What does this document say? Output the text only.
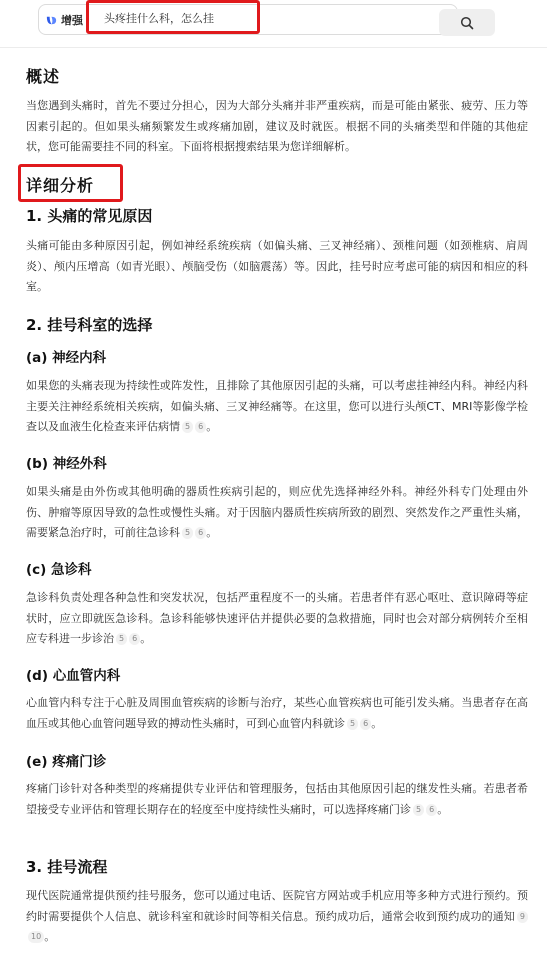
增强 头疼挂什么科，怎么挂
概述

当您遇到头痛时，首先不要过分担心，因为大部分头痛并非严重疾病，而是可能由紧张、疲劳、压力等因素引起的。但如果头痛频繁发生或疼痛加剧，建议及时就医。根据不同的头痛类型和伴随的其他症状，您可能需要挂不同的科室。下面将根据搜索结果为您详细解析。

详细分析
1. 头痛的常见原因

头痛可能由多种原因引起，例如神经系统疾病（如偏头痛、三叉神经痛）、颈椎问题（如颈椎病、肩周炎）、颅内压增高（如青光眼）、颅脑受伤（如脑震荡）等。因此，挂号时应考虑可能的病因和相应的科室。

2. 挂号科室的选择
(a) 神经内科

如果您的头痛表现为持续性或阵发性，且排除了其他原因引起的头痛，可以考虑挂神经内科。神经内科主要关注神经系统相关疾病，如偏头痛、三叉神经痛等。在这里，您可以进行头颅CT、MRI等影像学检查以及血液生化检查来评估病情 5 6 。

(b) 神经外科

如果头痛是由外伤或其他明确的器质性疾病引起的，则应优先选择神经外科。神经外科专门处理由外伤、肿瘤等原因导致的急性或慢性头痛。对于因脑内器质性疾病所致的剧烈、突然发作之严重性头痛，需要紧急治疗时，可前往急诊科 5 6 。

(c) 急诊科

急诊科负责处理各种急性和突发状况，包括严重程度不一的头痛。若患者伴有恶心呕吐、意识障碍等症状时，应立即就医急诊科。急诊科能够快速评估并提供必要的急救措施，同时也会对部分病例转介至相应专科进一步诊治 5 6 。

(d) 心血管内科

心血管内科专注于心脏及周围血管疾病的诊断与治疗，某些心血管疾病也可能引发头痛。当患者存在高血压或其他心血管问题导致的搏动性头痛时，可到心血管内科就诊 5 6 。

(e) 疼痛门诊

疼痛门诊针对各种类型的疼痛提供专业评估和管理服务，包括由其他原因引起的继发性头痛。若患者希望接受专业评估和管理长期存在的轻度至中度持续性头痛时，可以选择疼痛门诊 5 6 。

3. 挂号流程

现代医院通常提供预约挂号服务，您可以通过电话、医院官方网站或手机应用等多种方式进行预约。预约时需要提供个人信息、就诊科室和就诊时间等相关信息。预约成功后，通常会收到预约成功的通知 910 。
